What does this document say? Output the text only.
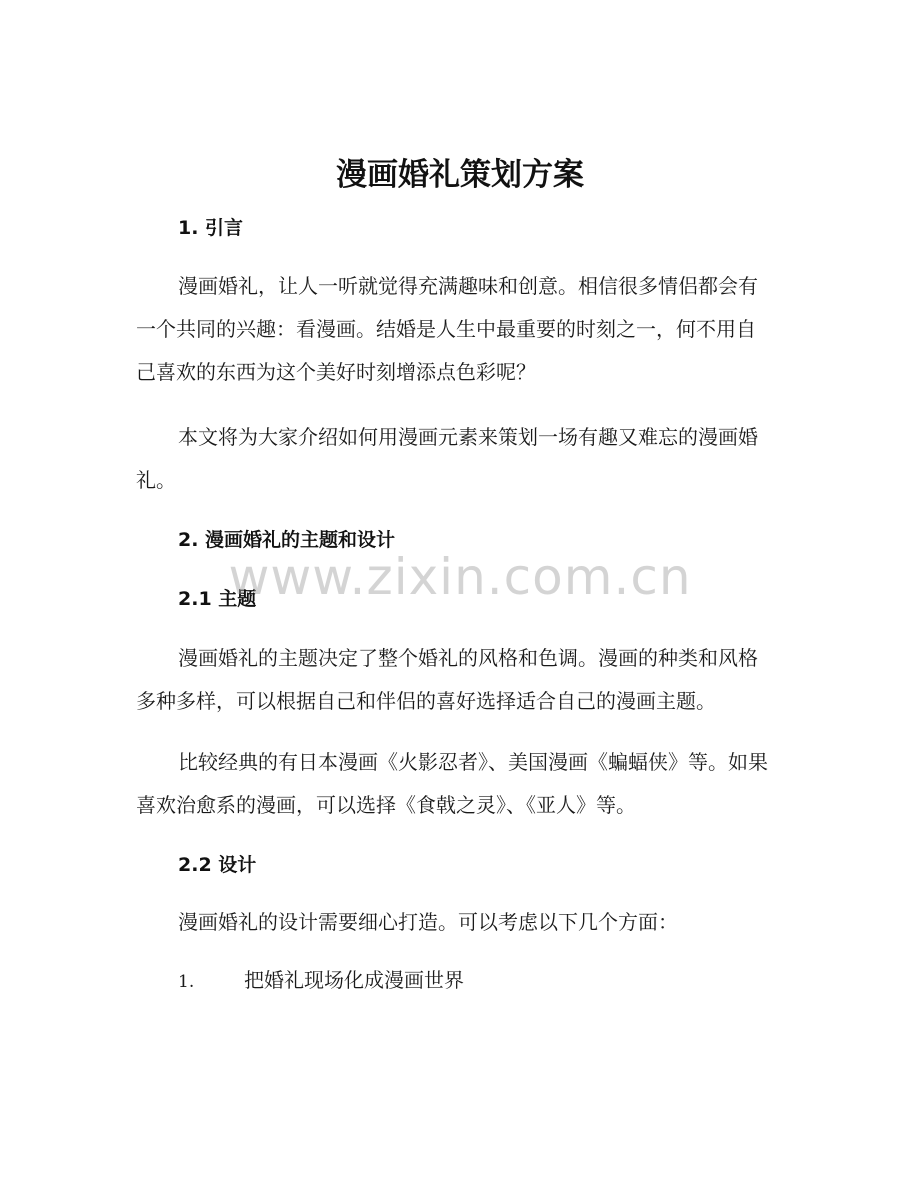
漫画婚礼策划方案
1. 引言

漫画婚礼，让人一听就觉得充满趣味和创意。相信很多情侣都会有一个共同的兴趣：看漫画。结婚是人生中最重要的时刻之一，何不用自己喜欢的东西为这个美好时刻增添点色彩呢？

本文将为大家介绍如何用漫画元素来策划一场有趣又难忘的漫画婚礼。

2. 漫画婚礼的主题和设计
2.1 主题

漫画婚礼的主题决定了整个婚礼的风格和色调。漫画的种类和风格多种多样，可以根据自己和伴侣的喜好选择适合自己的漫画主题。

比较经典的有日本漫画《火影忍者》、美国漫画《蝙蝠侠》等。如果喜欢治愈系的漫画，可以选择《食戟之灵》、《亚人》等。

2.2 设计

漫画婚礼的设计需要细心打造。可以考虑以下几个方面：

1. 把婚礼现场化成漫画世界

www.zixin.com.cn
